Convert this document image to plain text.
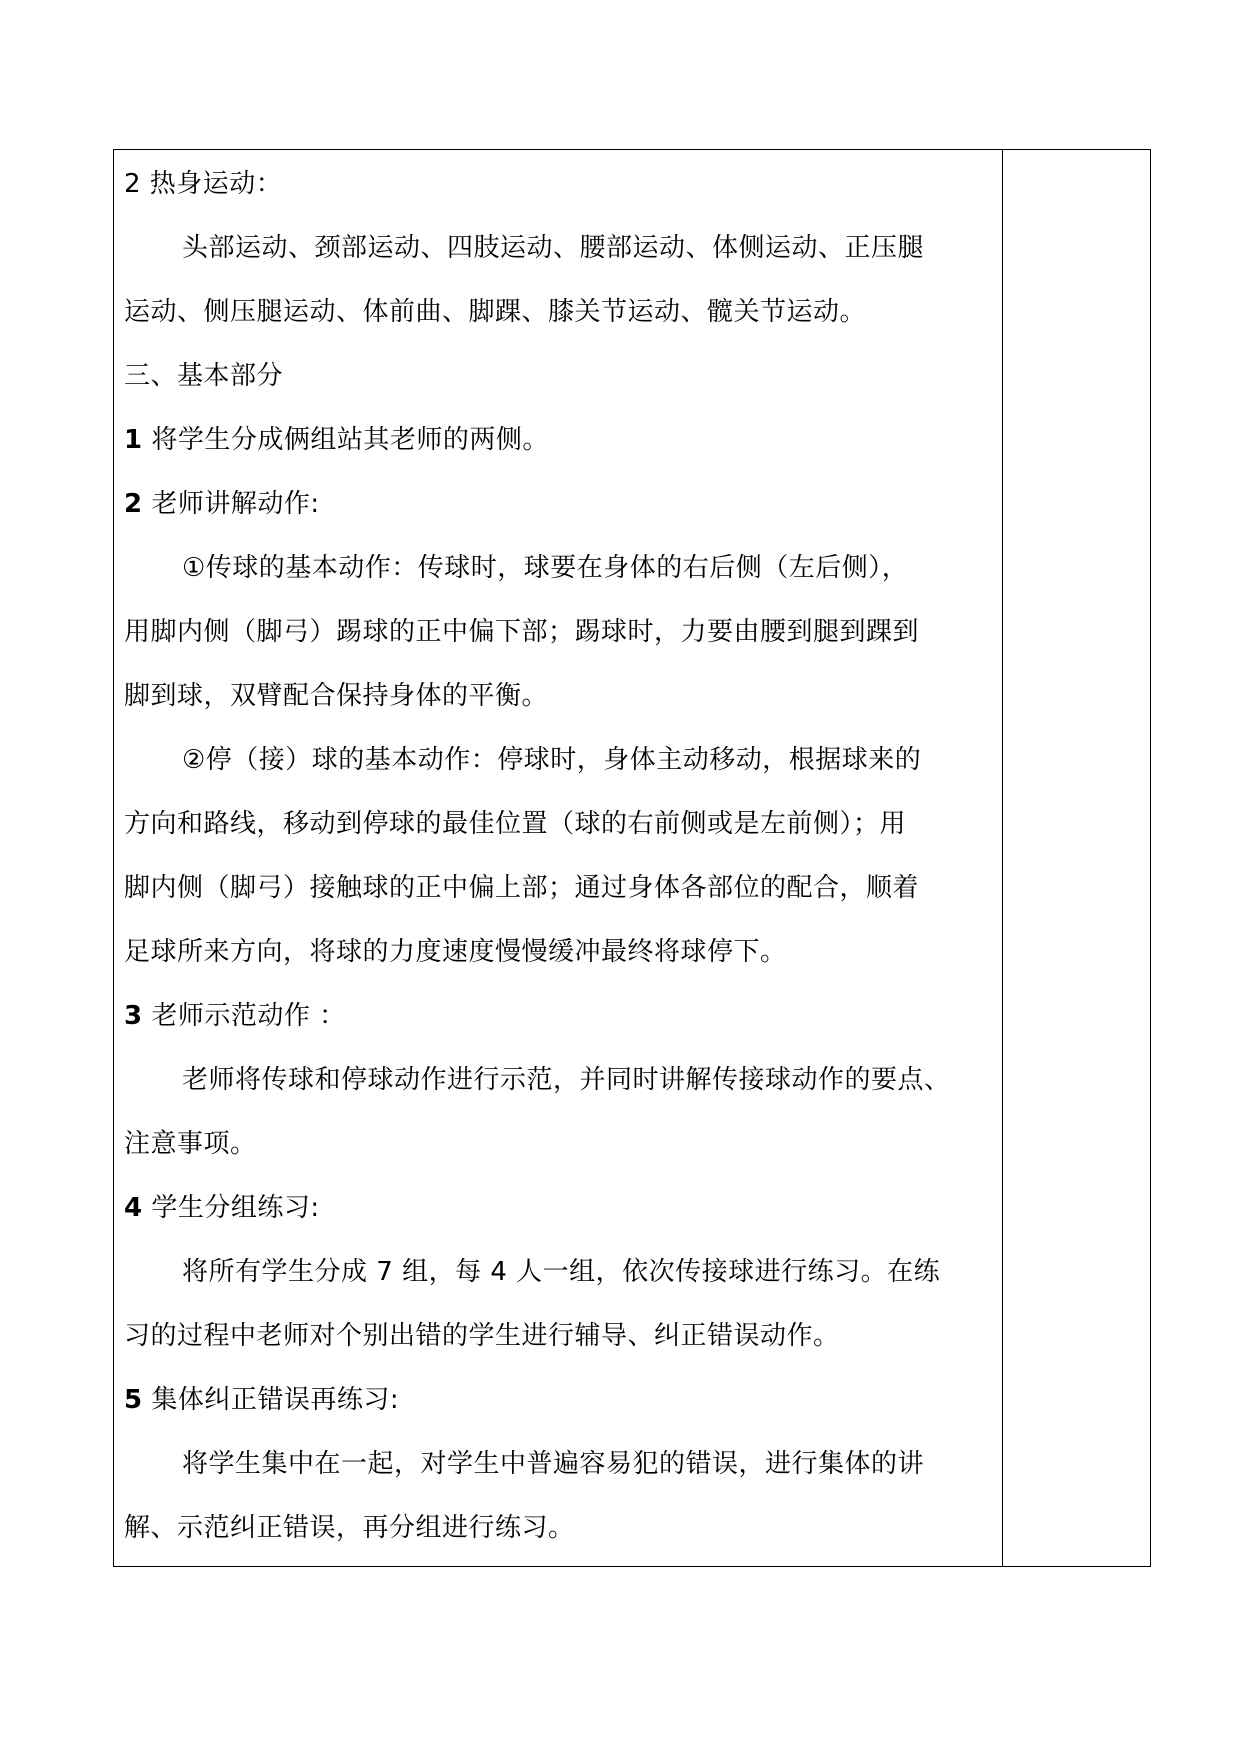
2 热身运动：
头部运动、颈部运动、四肢运动、腰部运动、体侧运动、正压腿
运动、侧压腿运动、体前曲、脚踝、膝关节运动、髋关节运动。
三、基本部分
1 将学生分成俩组站其老师的两侧。
2 老师讲解动作:
①传球的基本动作：传球时，球要在身体的右后侧（左后侧），
用脚内侧（脚弓）踢球的正中偏下部；踢球时，力要由腰到腿到踝到
脚到球，双臂配合保持身体的平衡。
②停（接）球的基本动作：停球时，身体主动移动，根据球来的
方向和路线，移动到停球的最佳位置（球的右前侧或是左前侧）；用
脚内侧（脚弓）接触球的正中偏上部；通过身体各部位的配合，顺着
足球所来方向，将球的力度速度慢慢缓冲最终将球停下。
3 老师示范动作 ：
老师将传球和停球动作进行示范，并同时讲解传接球动作的要点、
注意事项。
4 学生分组练习:
将所有学生分成 7 组，每 4 人一组，依次传接球进行练习。在练
习的过程中老师对个别出错的学生进行辅导、纠正错误动作。
5 集体纠正错误再练习:
将学生集中在一起，对学生中普遍容易犯的错误，进行集体的讲
解、示范纠正错误，再分组进行练习。
